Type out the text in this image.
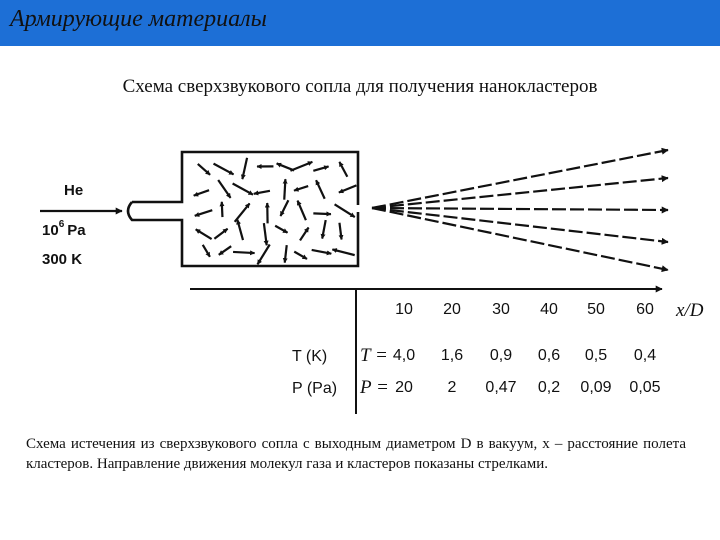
Армирующие материалы
Схема сверхзвукового сопла для получения нанокластеров
He
$10^6$ Pa
300 K
x/D
10 20 30 40 50 60
T (K)
P (Pa)
T =
P =
4,0 1,6 0,9 0,6 0,5 0,4
20 2 0,47 0,2 0,09 0,05
Схема истечения из сверхзвукового сопла с выходным диаметром D в вакуум, x – расстояние полета кластеров. Направление движения молекул газа и кластеров показаны стрелками.
